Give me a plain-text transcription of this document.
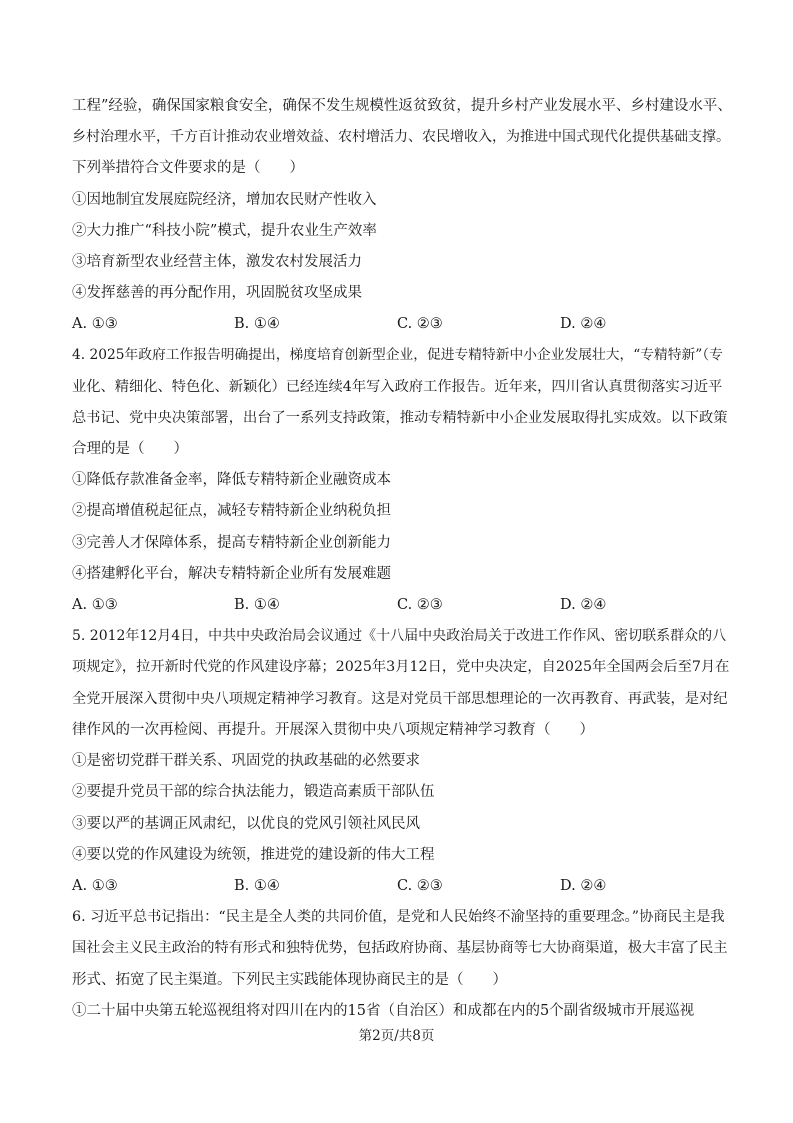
工程”经验，确保国家粮食安全，确保不发生规模性返贫致贫，提升乡村产业发展水平、乡村建设水平、
乡村治理水平，千方百计推动农业增效益、农村增活力、农民增收入，为推进中国式现代化提供基础支撑。
下列举措符合文件要求的是（　　）
①因地制宜发展庭院经济，增加农民财产性收入
②大力推广“科技小院”模式，提升农业生产效率
③培育新型农业经营主体，激发农村发展活力
④发挥慈善的再分配作用，巩固脱贫攻坚成果
A. ①③	B. ①④	C. ②③	D. ②④
4. 2025年政府工作报告明确提出，梯度培育创新型企业，促进专精特新中小企业发展壮大，“专精特新”（专
业化、精细化、特色化、新颖化）已经连续4年写入政府工作报告。近年来，四川省认真贯彻落实习近平
总书记、党中央决策部署，出台了一系列支持政策，推动专精特新中小企业发展取得扎实成效。以下政策
合理的是（　　）
①降低存款准备金率，降低专精特新企业融资成本
②提高增值税起征点，减轻专精特新企业纳税负担
③完善人才保障体系，提高专精特新企业创新能力
④搭建孵化平台，解决专精特新企业所有发展难题
A. ①③	B. ①④	C. ②③	D. ②④
5. 2012年12月4日，中共中央政治局会议通过《十八届中央政治局关于改进工作作风、密切联系群众的八
项规定》，拉开新时代党的作风建设序幕；2025年3月12日，党中央决定，自2025年全国两会后至7月在
全党开展深入贯彻中央八项规定精神学习教育。这是对党员干部思想理论的一次再教育、再武装，是对纪
律作风的一次再检阅、再提升。开展深入贯彻中央八项规定精神学习教育（　　）
①是密切党群干群关系、巩固党的执政基础的必然要求
②要提升党员干部的综合执法能力，锻造高素质干部队伍
③要以严的基调正风肃纪，以优良的党风引领社风民风
④要以党的作风建设为统领，推进党的建设新的伟大工程
A. ①③	B. ①④	C. ②③	D. ②④
6. 习近平总书记指出：“民主是全人类的共同价值，是党和人民始终不渝坚持的重要理念。”协商民主是我
国社会主义民主政治的特有形式和独特优势，包括政府协商、基层协商等七大协商渠道，极大丰富了民主
形式、拓宽了民主渠道。下列民主实践能体现协商民主的是（　　）
①二十届中央第五轮巡视组将对四川在内的15省（自治区）和成都在内的5个副省级城市开展巡视
第2页/共8页
